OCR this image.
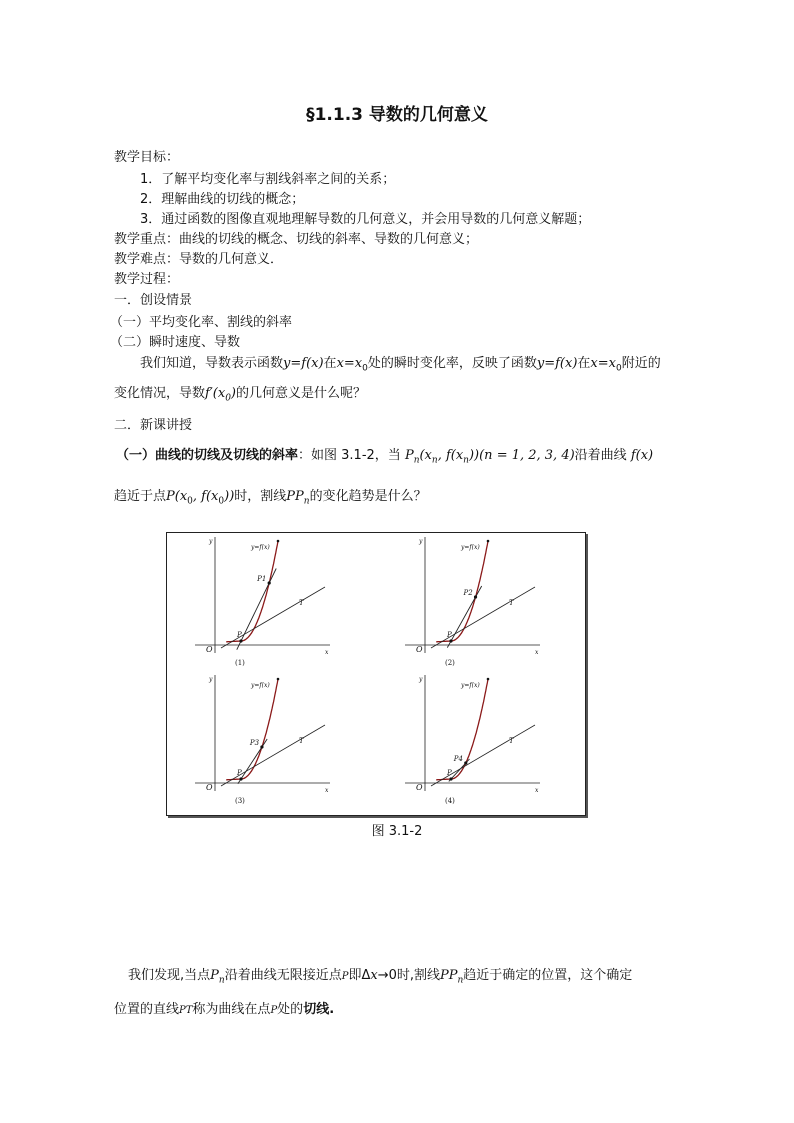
§1.1.3 导数的几何意义
教学目标：
1．了解平均变化率与割线斜率之间的关系；
2．理解曲线的切线的概念；
3．通过函数的图像直观地理解导数的几何意义，并会用导数的几何意义解题；
教学重点：曲线的切线的概念、切线的斜率、导数的几何意义；
教学难点：导数的几何意义．
教学过程：
一．创设情景
（一）平均变化率、割线的斜率
（二）瞬时速度、导数
我们知道，导数表示函数y=f(x)在$x=x_0$处的瞬时变化率，反映了函数y=f(x)在$x=x_0$附近的
变化情况，导数$f'(x_0)$的几何意义是什么呢？
二．新课讲授
（一）曲线的切线及切线的斜率：如图 3.1-2，当 $P_n(x_n$, $f(x_n))(n = 1$, 2, 3, 4)沿着曲线 f(x)
趋近于点$P(x_0$, $f(x_0)$)时，割线$PP_n$的变化趋势是什么？
x
y
O
T
P
P1
y=f(x)
(1)
x
y
O
T
P
P2
y=f(x)
(2)
x
y
O
T
P
P3
y=f(x)
(3)
x
y
O
T
P
P4
y=f(x)
(4)
图 3.1-2
我们发现,当点$P_n$沿着曲线无限接近点P即Δx→0时,割线$PP_n$趋近于确定的位置，这个确定
位置的直线PT称为曲线在点P处的切线.
